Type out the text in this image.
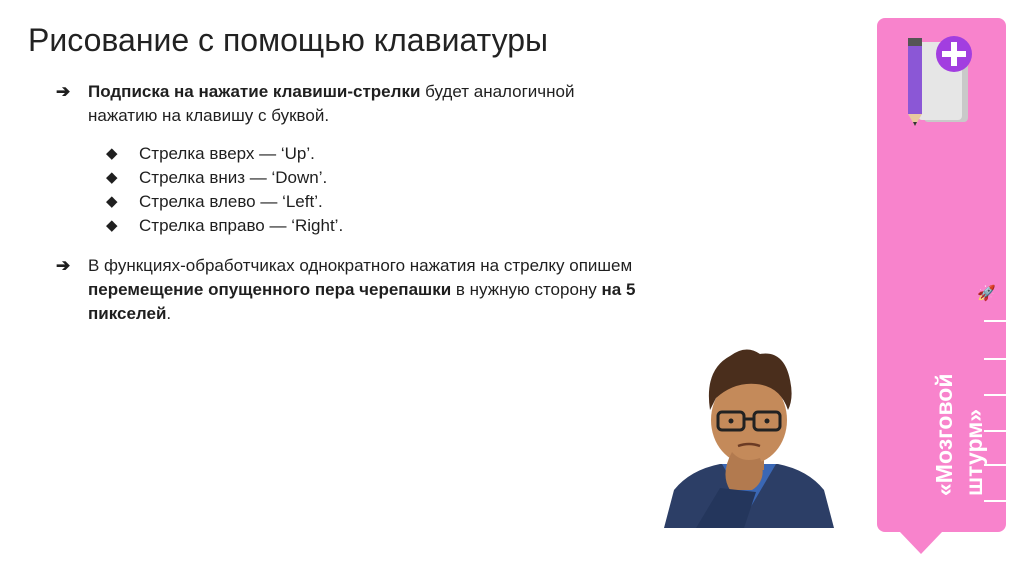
Рисование с помощью клавиатуры
➔ Подписка на нажатие клавиши-стрелки будет аналогичной
нажатию на клавишу с буквой.
◆ Стрелка вверх — ‘Up’.
◆ Стрелка вниз — ‘Down’.
◆ Стрелка влево — ‘Left’.
◆ Стрелка вправо — ‘Right’.
➔ В функциях-обработчиках однократного нажатия на стрелку опишем
перемещение опущенного пера черепашки в нужную сторону на 5
пикселей.
🚀
«Мозговой штурм»
